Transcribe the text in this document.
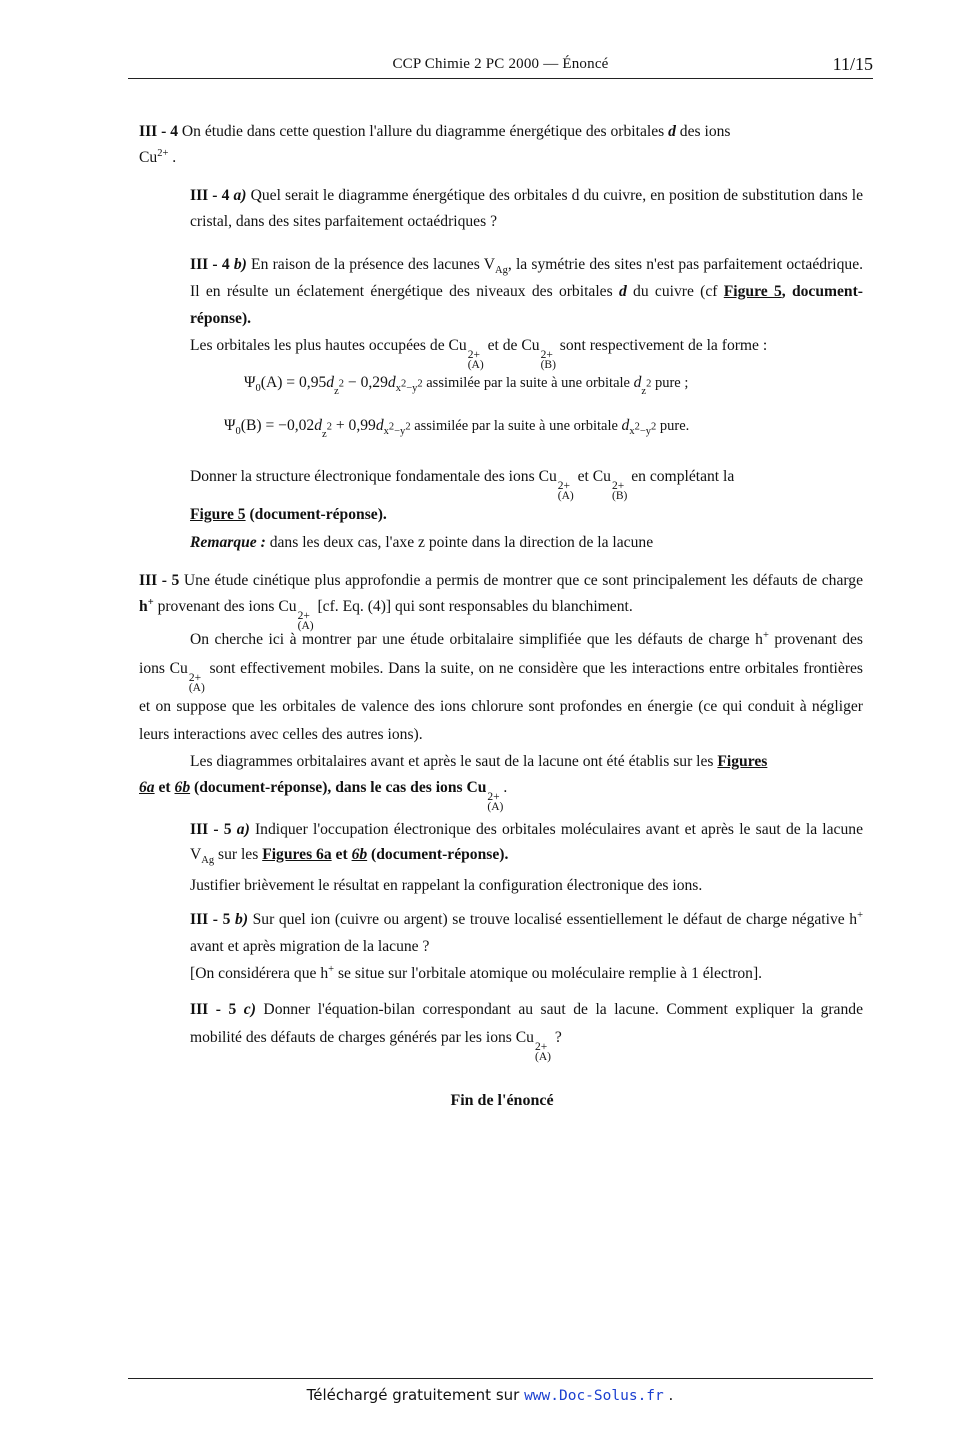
CCP Chimie 2 PC 2000 — Énoncé	11/15
III - 4 On étudie dans cette question l'allure du diagramme énergétique des orbitales d des ions
$Cu^{2+}$ .
III - 4 a) Quel serait le diagramme énergétique des orbitales d du cuivre, en position de substitution dans le cristal, dans des sites parfaitement octaédriques ?
III - 4 b) En raison de la présence des lacunes $V_{Ag}$, la symétrie des sites n'est pas parfaitement octaédrique. Il en résulte un éclatement énergétique des niveaux des orbitales d du cuivre (cf Figure 5, document-réponse).
Les orbitales les plus hautes occupées de Cu
2+
(A)
et de Cu
2+
(B)
sont respectivement de la forme :
$\Psi_0(A) = 0,95d_{_z^2} - 0,29d_{x^2-y^2}$ assimilée par la suite à une orbitale $d_{_z^2}$ pure ;
$\Psi_0(B) = -0,02d_{_z^2} + 0,99d_{x^2-y^2}$ assimilée par la suite à une orbitale $d_{x^2-y^2}$ pure.
Donner la structure électronique fondamentale des ions Cu
2+
(A)
et Cu
2+
(B)
en complétant la
Figure 5 (document-réponse).
Remarque : dans les deux cas, l'axe z pointe dans la direction de la lacune
III - 5 Une étude cinétique plus approfondie a permis de montrer que ce sont principalement les défauts de charge h+ provenant des ions Cu
2+
(A)
[cf. Eq. (4)] qui sont responsables du blanchiment.
On cherche ici à montrer par une étude orbitalaire simplifiée que les défauts de charge h+ provenant des ions Cu
2+
(A)
sont effectivement mobiles. Dans la suite, on ne considère que les interactions entre orbitales frontières et on suppose que les orbitales de valence des ions chlorure sont profondes en énergie (ce qui conduit à négliger leurs interactions avec celles des autres ions).
Les diagrammes orbitalaires avant et après le saut de la lacune ont été établis sur les Figures
6a et 6b (document-réponse), dans le cas des ions Cu
2+
(A)
.
III - 5 a) Indiquer l'occupation électronique des orbitales moléculaires avant et après le saut de la lacune $V_{Ag}$ sur les Figures 6a et 6b (document-réponse).
Justifier brièvement le résultat en rappelant la configuration électronique des ions.
III - 5 b) Sur quel ion (cuivre ou argent) se trouve localisé essentiellement le défaut de charge négative h+ avant et après migration de la lacune ?
[On considérera que h+ se situe sur l'orbitale atomique ou moléculaire remplie à 1 électron].
III - 5 c) Donner l'équation-bilan correspondant au saut de la lacune. Comment expliquer la grande mobilité des défauts de charges générés par les ions Cu
2+
(A)
?
Fin de l'énoncé
Téléchargé gratuitement sur www.Doc-Solus.fr .
